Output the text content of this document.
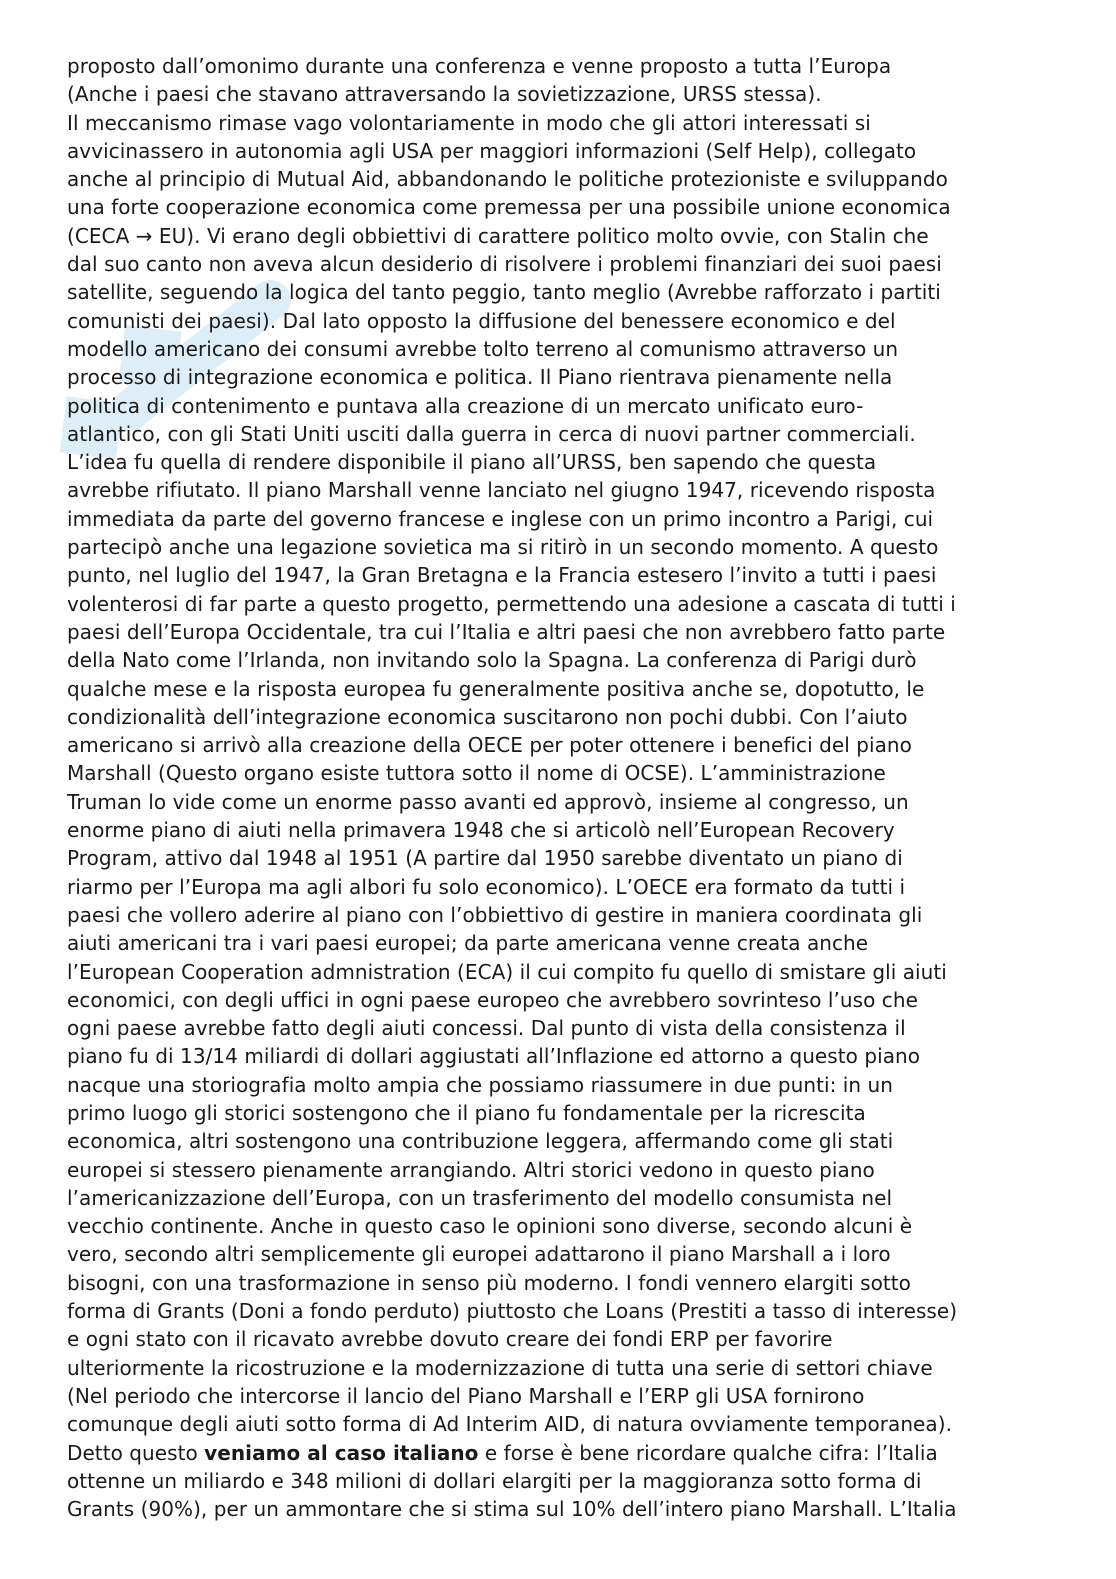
proposto dall’omonimo durante una conferenza e venne proposto a tutta l’Europa
(Anche i paesi che stavano attraversando la sovietizzazione, URSS stessa).
Il meccanismo rimase vago volontariamente in modo che gli attori interessati si
avvicinassero in autonomia agli USA per maggiori informazioni (Self Help), collegato
anche al principio di Mutual Aid, abbandonando le politiche protezioniste e sviluppando
una forte cooperazione economica come premessa per una possibile unione economica
(CECA → EU). Vi erano degli obbiettivi di carattere politico molto ovvie, con Stalin che
dal suo canto non aveva alcun desiderio di risolvere i problemi finanziari dei suoi paesi
satellite, seguendo la logica del tanto peggio, tanto meglio (Avrebbe rafforzato i partiti
comunisti dei paesi). Dal lato opposto la diffusione del benessere economico e del
modello americano dei consumi avrebbe tolto terreno al comunismo attraverso un
processo di integrazione economica e politica. Il Piano rientrava pienamente nella
politica di contenimento e puntava alla creazione di un mercato unificato euro-
atlantico, con gli Stati Uniti usciti dalla guerra in cerca di nuovi partner commerciali.
L’idea fu quella di rendere disponibile il piano all’URSS, ben sapendo che questa
avrebbe rifiutato. Il piano Marshall venne lanciato nel giugno 1947, ricevendo risposta
immediata da parte del governo francese e inglese con un primo incontro a Parigi, cui
partecipò anche una legazione sovietica ma si ritirò in un secondo momento. A questo
punto, nel luglio del 1947, la Gran Bretagna e la Francia estesero l’invito a tutti i paesi
volenterosi di far parte a questo progetto, permettendo una adesione a cascata di tutti i
paesi dell’Europa Occidentale, tra cui l’Italia e altri paesi che non avrebbero fatto parte
della Nato come l’Irlanda, non invitando solo la Spagna. La conferenza di Parigi durò
qualche mese e la risposta europea fu generalmente positiva anche se, dopotutto, le
condizionalità dell’integrazione economica suscitarono non pochi dubbi. Con l’aiuto
americano si arrivò alla creazione della OECE per poter ottenere i benefici del piano
Marshall (Questo organo esiste tuttora sotto il nome di OCSE). L’amministrazione
Truman lo vide come un enorme passo avanti ed approvò, insieme al congresso, un
enorme piano di aiuti nella primavera 1948 che si articolò nell’European Recovery
Program, attivo dal 1948 al 1951 (A partire dal 1950 sarebbe diventato un piano di
riarmo per l’Europa ma agli albori fu solo economico). L’OECE era formato da tutti i
paesi che vollero aderire al piano con l’obbiettivo di gestire in maniera coordinata gli
aiuti americani tra i vari paesi europei; da parte americana venne creata anche
l’European Cooperation admnistration (ECA) il cui compito fu quello di smistare gli aiuti
economici, con degli uffici in ogni paese europeo che avrebbero sovrinteso l’uso che
ogni paese avrebbe fatto degli aiuti concessi. Dal punto di vista della consistenza il
piano fu di 13/14 miliardi di dollari aggiustati all’Inflazione ed attorno a questo piano
nacque una storiografia molto ampia che possiamo riassumere in due punti: in un
primo luogo gli storici sostengono che il piano fu fondamentale per la ricrescita
economica, altri sostengono una contribuzione leggera, affermando come gli stati
europei si stessero pienamente arrangiando. Altri storici vedono in questo piano
l’americanizzazione dell’Europa, con un trasferimento del modello consumista nel
vecchio continente. Anche in questo caso le opinioni sono diverse, secondo alcuni è
vero, secondo altri semplicemente gli europei adattarono il piano Marshall a i loro
bisogni, con una trasformazione in senso più moderno. I fondi vennero elargiti sotto
forma di Grants (Doni a fondo perduto) piuttosto che Loans (Prestiti a tasso di interesse)
e ogni stato con il ricavato avrebbe dovuto creare dei fondi ERP per favorire
ulteriormente la ricostruzione e la modernizzazione di tutta una serie di settori chiave
(Nel periodo che intercorse il lancio del Piano Marshall e l’ERP gli USA fornirono
comunque degli aiuti sotto forma di Ad Interim AID, di natura ovviamente temporanea).
Detto questo veniamo al caso italiano e forse è bene ricordare qualche cifra: l’Italia
ottenne un miliardo e 348 milioni di dollari elargiti per la maggioranza sotto forma di
Grants (90%), per un ammontare che si stima sul 10% dell’intero piano Marshall. L’Italia
